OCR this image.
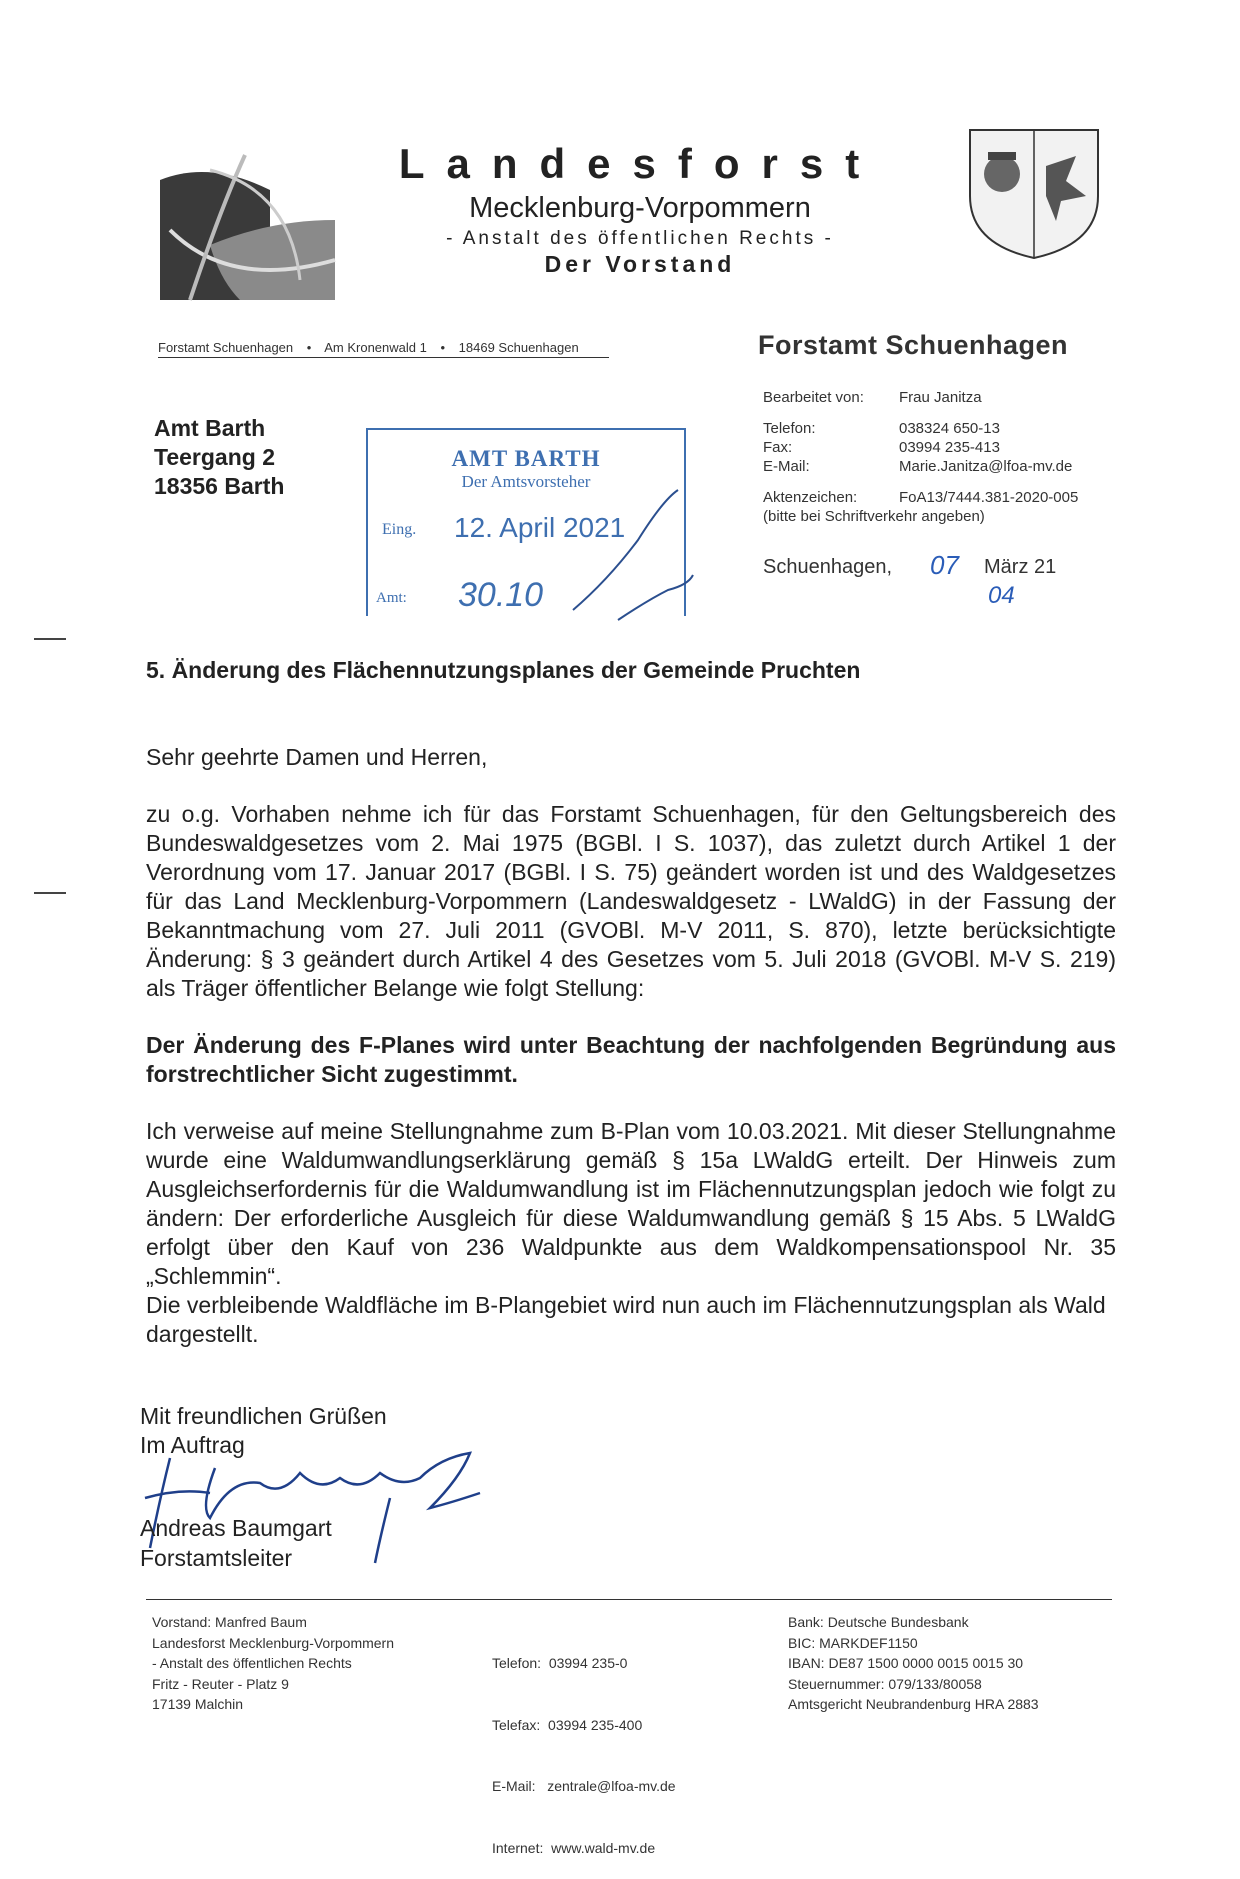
Landesforst
Mecklenburg-Vorpommern
- Anstalt des öffentlichen Rechts -
Der Vorstand
Forstamt Schuenhagen • Am Kronenwald 1 • 18469 Schuenhagen	Forstamt Schuenhagen
Amt Barth
Teergang 2
18356 Barth
AMT BARTH
Der Amtsvorsteher
Eing. 12. April 2021
Amt: 30.10
Bearbeitet von:	Frau Janitza
Telefon:	038324 650-13
Fax:	03994 235-413
E-Mail:	Marie.Janitza@lfoa-mv.de
Aktenzeichen:	FoA13/7444.381-2020-005
(bitte bei Schriftverkehr angeben)
Schuenhagen, 07 März 21
04
5. Änderung des Flächennutzungsplanes der Gemeinde Pruchten
Sehr geehrte Damen und Herren,
zu o.g. Vorhaben nehme ich für das Forstamt Schuenhagen, für den Geltungsbereich des Bundeswaldgesetzes vom 2. Mai 1975 (BGBl. I S. 1037), das zuletzt durch Artikel 1 der Verordnung vom 17. Januar 2017 (BGBl. I S. 75) geändert worden ist und des Waldgesetzes für das Land Mecklenburg-Vorpommern (Landeswaldgesetz - LWaldG) in der Fassung der Bekanntmachung vom 27. Juli 2011 (GVOBl. M-V 2011, S. 870), letzte berücksichtigte Änderung: § 3 geändert durch Artikel 4 des Gesetzes vom 5. Juli 2018 (GVOBl. M-V S. 219) als Träger öffentlicher Belange wie folgt Stellung:
Der Änderung des F-Planes wird unter Beachtung der nachfolgenden Begründung aus forstrechtlicher Sicht zugestimmt.
Ich verweise auf meine Stellungnahme zum B-Plan vom 10.03.2021. Mit dieser Stellungnahme wurde eine Waldumwandlungserklärung gemäß § 15a LWaldG erteilt. Der Hinweis zum Ausgleichserfordernis für die Waldumwandlung ist im Flächennutzungsplan jedoch wie folgt zu ändern: Der erforderliche Ausgleich für diese Waldumwandlung gemäß § 15 Abs. 5 LWaldG erfolgt über den Kauf von 236 Waldpunkte aus dem Waldkompensationspool Nr. 35 „Schlemmin“.
Die verbleibende Waldfläche im B-Plangebiet wird nun auch im Flächennutzungsplan als Wald dargestellt.
Mit freundlichen Grüßen
Im Auftrag
Andreas Baumgart
Forstamtsleiter
Vorstand: Manfred Baum
Landesforst Mecklenburg-Vorpommern
- Anstalt des öffentlichen Rechts
Fritz - Reuter - Platz 9
17139 Malchin

Telefon:  03994 235-0

Telefax:  03994 235-400

E-Mail:   zentrale@lfoa-mv.de

Internet:  www.wald-mv.de

Bank: Deutsche Bundesbank
BIC: MARKDEF1150
IBAN: DE87 1500 0000 0015 0015 30
Steuernummer: 079/133/80058
Amtsgericht Neubrandenburg HRA 2883
